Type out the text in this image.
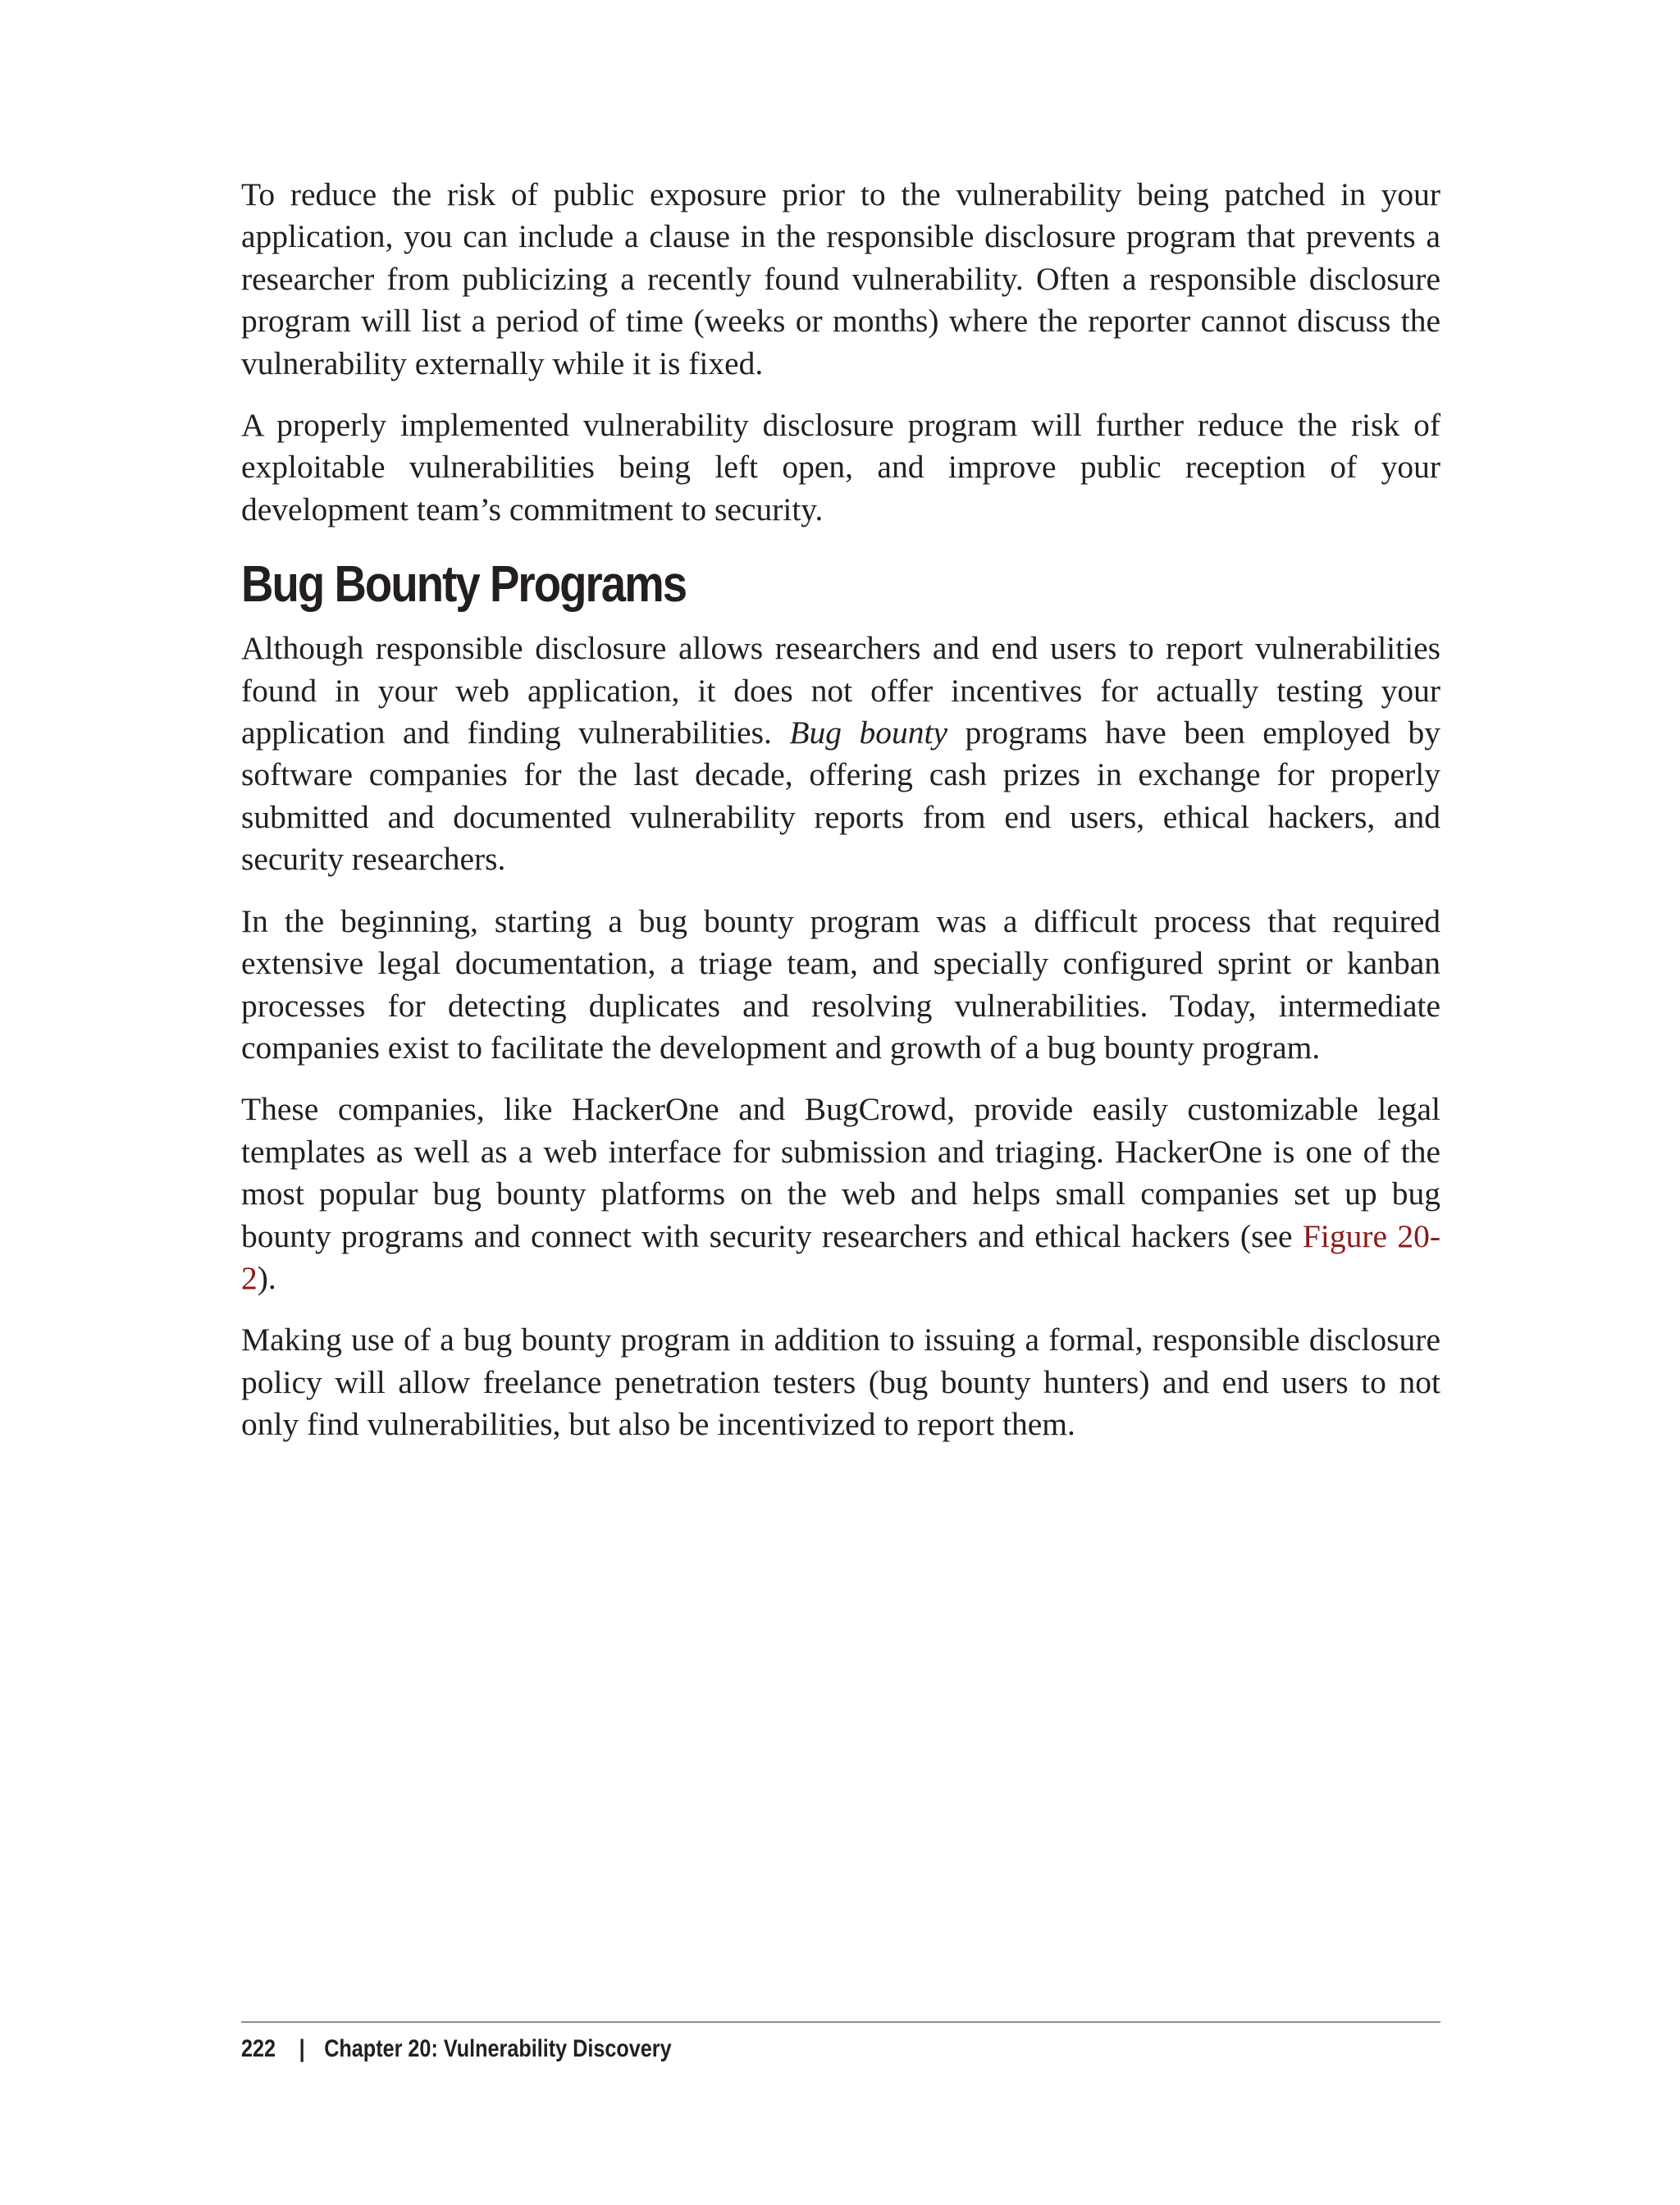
To reduce the risk of public exposure prior to the vulnerability being patched in your application, you can include a clause in the responsible disclosure program that prevents a researcher from publicizing a recently found vulnerability. Often a responsible disclosure program will list a period of time (weeks or months) where the reporter cannot discuss the vulnerability externally while it is fixed.

A properly implemented vulnerability disclosure program will further reduce the risk of exploitable vulnerabilities being left open, and improve public reception of your development team’s commitment to security.

Bug Bounty Programs

Although responsible disclosure allows researchers and end users to report vulnerabilities found in your web application, it does not offer incentives for actually testing your application and finding vulnerabilities. Bug bounty programs have been employed by software companies for the last decade, offering cash prizes in exchange for properly submitted and documented vulnerability reports from end users, ethical hackers, and security researchers.

In the beginning, starting a bug bounty program was a difficult process that required extensive legal documentation, a triage team, and specially configured sprint or kanban processes for detecting duplicates and resolving vulnerabilities. Today, intermediate companies exist to facilitate the development and growth of a bug bounty program.

These companies, like HackerOne and BugCrowd, provide easily customizable legal templates as well as a web interface for submission and triaging. HackerOne is one of the most popular bug bounty platforms on the web and helps small companies set up bug bounty programs and connect with security researchers and ethical hackers (see Figure 20-2).

Making use of a bug bounty program in addition to issuing a formal, responsible disclosure policy will allow freelance penetration testers (bug bounty hunters) and end users to not only find vulnerabilities, but also be incentivized to report them.

222 | Chapter 20: Vulnerability Discovery
